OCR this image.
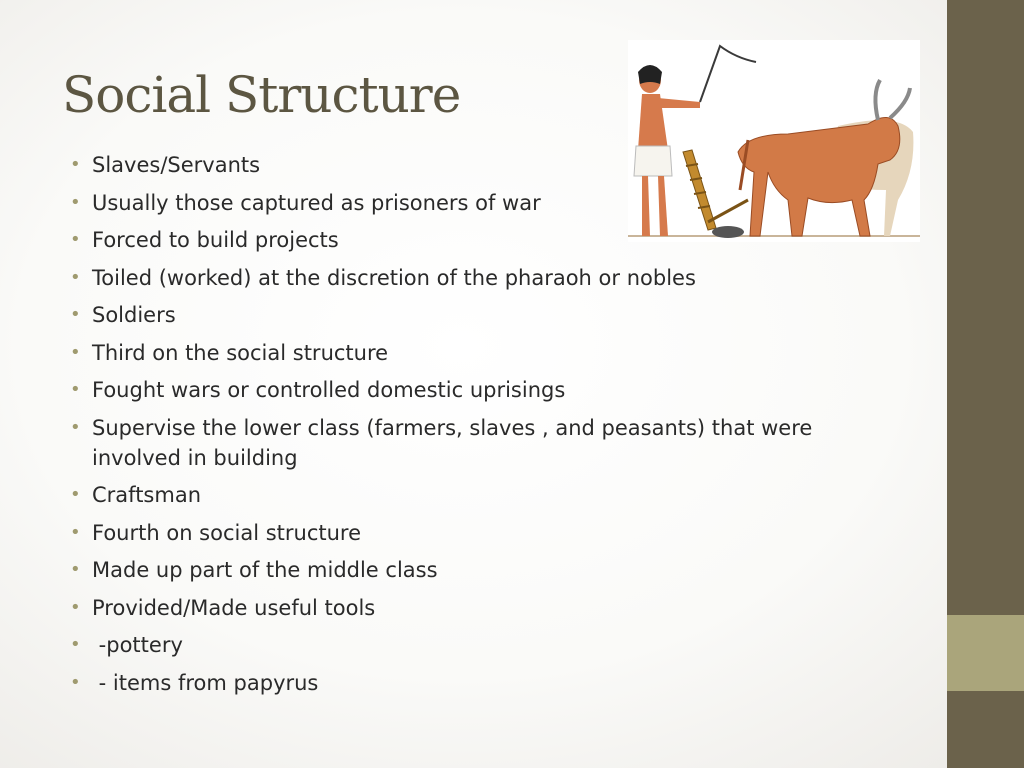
Social Structure
• Slaves/Servants
• Usually those captured as prisoners of war
• Forced to build projects
• Toiled (worked) at the discretion of the pharaoh or nobles
• Soldiers
• Third on the social structure
• Fought wars or controlled domestic uprisings
• Supervise the lower class (farmers, slaves , and peasants) that were involved in building
• Craftsman
• Fourth on social structure
• Made up part of the middle class
• Provided/Made useful tools
• -pottery
• - items from papyrus
